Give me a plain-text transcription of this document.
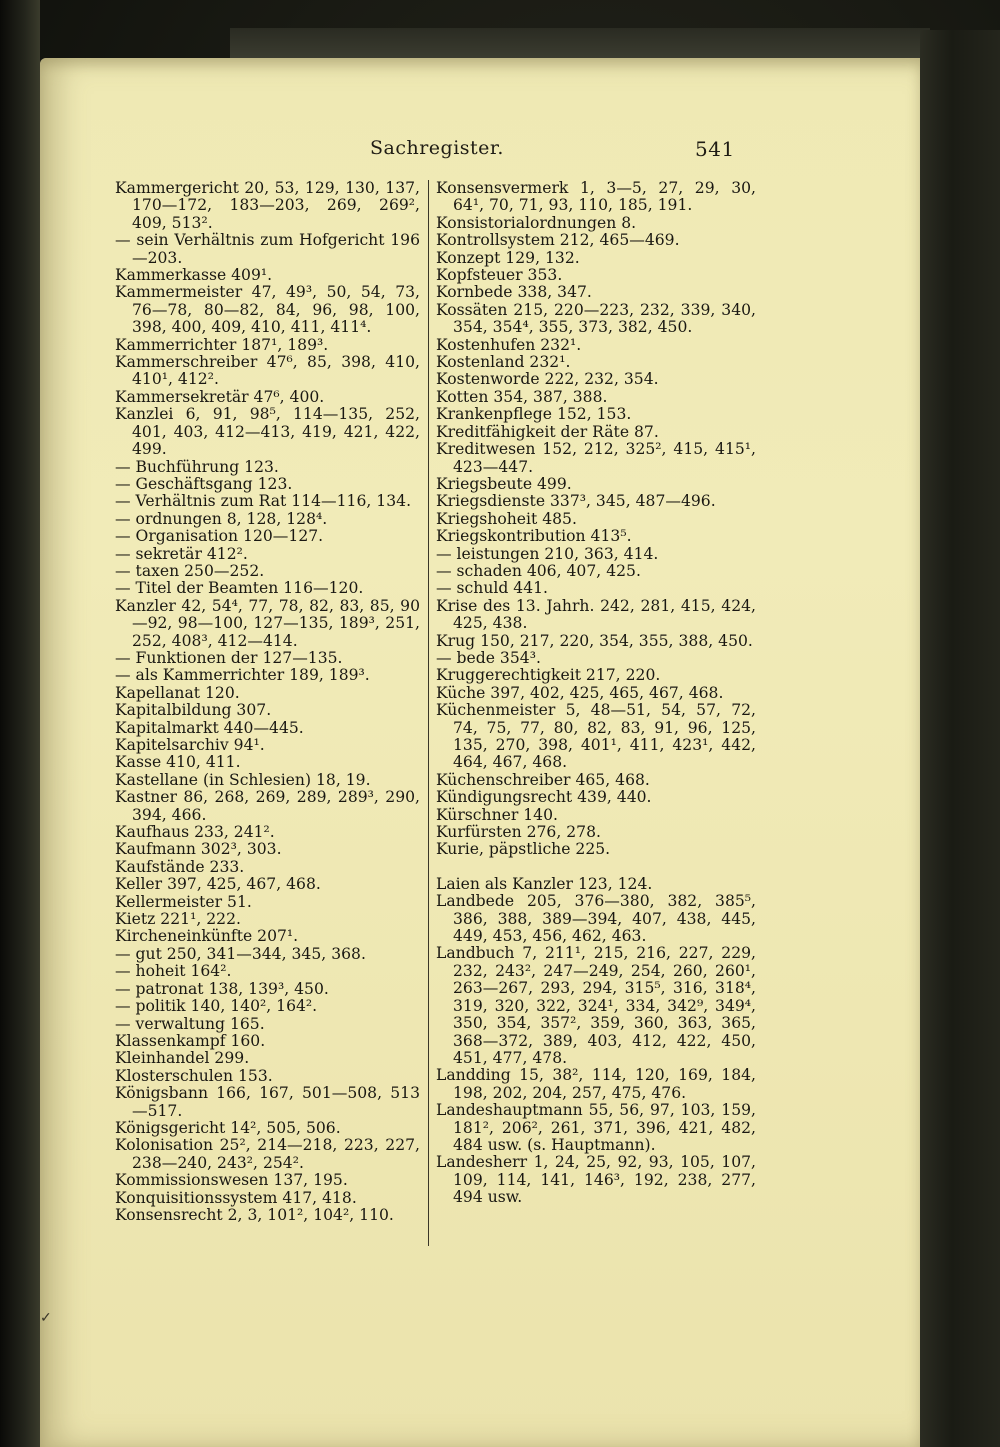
Sachregister.	541

Kammergericht 20, 53, 129, 130, 137, 170—172, 183—203, 269, 269², 409, 513².

— sein Verhältnis zum Hofgericht 196—203.

Kammerkasse 409¹.

Kammermeister 47, 49³, 50, 54, 73, 76—78, 80—82, 84, 96, 98, 100, 398, 400, 409, 410, 411, 411⁴.

Kammerrichter 187¹, 189³.

Kammerschreiber 47⁶, 85, 398, 410, 410¹, 412².

Kammersekretär 47⁶, 400.

Kanzlei 6, 91, 98⁵, 114—135, 252, 401, 403, 412—413, 419, 421, 422, 499.

— Buchführung 123.

— Geschäftsgang 123.

— Verhältnis zum Rat 114—116, 134.

— ordnungen 8, 128, 128⁴.

— Organisation 120—127.

— sekretär 412².

— taxen 250—252.

— Titel der Beamten 116—120.

Kanzler 42, 54⁴, 77, 78, 82, 83, 85, 90—92, 98—100, 127—135, 189³, 251, 252, 408³, 412—414.

— Funktionen der 127—135.

— als Kammerrichter 189, 189³.

Kapellanat 120.

Kapitalbildung 307.

Kapitalmarkt 440—445.

Kapitelsarchiv 94¹.

Kasse 410, 411.

Kastellane (in Schlesien) 18, 19.

Kastner 86, 268, 269, 289, 289³, 290, 394, 466.

Kaufhaus 233, 241².

Kaufmann 302³, 303.

Kaufstände 233.

Keller 397, 425, 467, 468.

Kellermeister 51.

Kietz 221¹, 222.

Kircheneinkünfte 207¹.

— gut 250, 341—344, 345, 368.

— hoheit 164².

— patronat 138, 139³, 450.

— politik 140, 140², 164².

— verwaltung 165.

Klassenkampf 160.

Kleinhandel 299.

Klosterschulen 153.

Königsbann 166, 167, 501—508, 513—517.

Königsgericht 14², 505, 506.

Kolonisation 25², 214—218, 223, 227, 238—240, 243², 254².

Kommissionswesen 137, 195.

Konquisitionssystem 417, 418.

Konsensrecht 2, 3, 101², 104², 110.

Konsensvermerk 1, 3—5, 27, 29, 30, 64¹, 70, 71, 93, 110, 185, 191.

Konsistorialordnungen 8.

Kontrollsystem 212, 465—469.

Konzept 129, 132.

Kopfsteuer 353.

Kornbede 338, 347.

Kossäten 215, 220—223, 232, 339, 340, 354, 354⁴, 355, 373, 382, 450.

Kostenhufen 232¹.

Kostenland 232¹.

Kostenworde 222, 232, 354.

Kotten 354, 387, 388.

Krankenpflege 152, 153.

Kreditfähigkeit der Räte 87.

Kreditwesen 152, 212, 325², 415, 415¹, 423—447.

Kriegsbeute 499.

Kriegsdienste 337³, 345, 487—496.

Kriegshoheit 485.

Kriegskontribution 413⁵.

— leistungen 210, 363, 414.

— schaden 406, 407, 425.

— schuld 441.

Krise des 13. Jahrh. 242, 281, 415, 424, 425, 438.

Krug 150, 217, 220, 354, 355, 388, 450.

— bede 354³.

Kruggerechtigkeit 217, 220.

Küche 397, 402, 425, 465, 467, 468.

Küchenmeister 5, 48—51, 54, 57, 72, 74, 75, 77, 80, 82, 83, 91, 96, 125, 135, 270, 398, 401¹, 411, 423¹, 442, 464, 467, 468.

Küchenschreiber 465, 468.

Kündigungsrecht 439, 440.

Kürschner 140.

Kurfürsten 276, 278.

Kurie, päpstliche 225.

Laien als Kanzler 123, 124.

Landbede 205, 376—380, 382, 385⁵, 386, 388, 389—394, 407, 438, 445, 449, 453, 456, 462, 463.

Landbuch 7, 211¹, 215, 216, 227, 229, 232, 243², 247—249, 254, 260, 260¹, 263—267, 293, 294, 315⁵, 316, 318⁴, 319, 320, 322, 324¹, 334, 342⁹, 349⁴, 350, 354, 357², 359, 360, 363, 365, 368—372, 389, 403, 412, 422, 450, 451, 477, 478.

Landding 15, 38², 114, 120, 169, 184, 198, 202, 204, 257, 475, 476.

Landeshauptmann 55, 56, 97, 103, 159, 181², 206², 261, 371, 396, 421, 482, 484 usw. (s. Hauptmann).

Landesherr 1, 24, 25, 92, 93, 105, 107, 109, 114, 141, 146³, 192, 238, 277, 494 usw.

✓
